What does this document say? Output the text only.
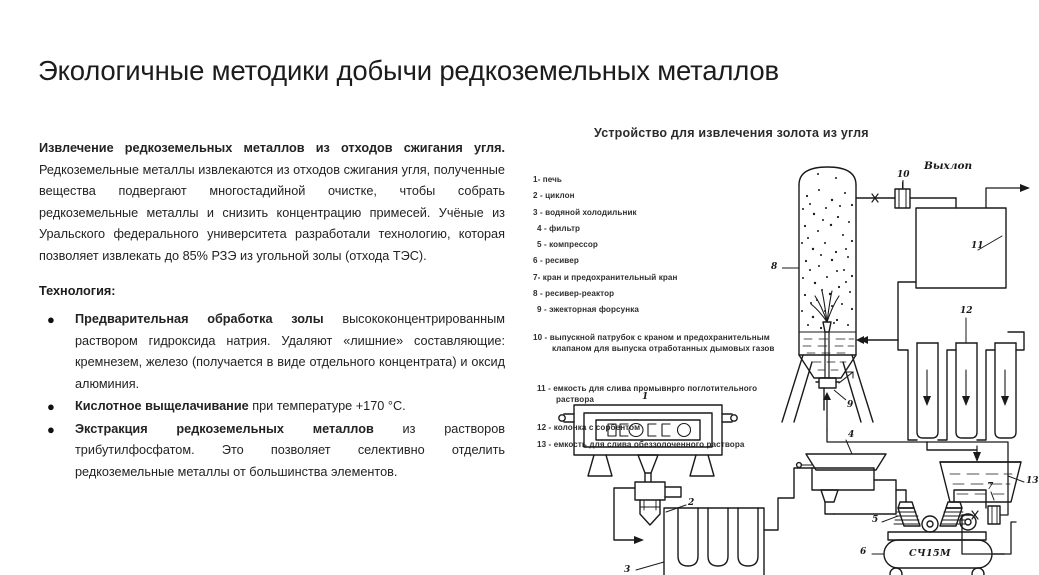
Экологичные методики добычи редкоземельных металлов

Извлечение редкоземельных металлов из отходов сжигания угля. Редкоземельные металлы извлекаются из отходов сжигания угля, полученные вещества подвергают многостадийной очистке, чтобы собрать редкоземельные металлы и снизить концентрацию примесей. Учёные из Уральского федерального университета разработали технологию, которая позволяет извлекать до 85% РЗЭ из угольной золы (отхода ТЭС).

Технология:
● Предварительная обработка золы высококонцентрированным раствором гидроксида натрия. Удаляют «лишние» составляющие: кремнезем, железо (получается в виде отдельного концентрата) и оксид алюминия.
● Кислотное выщелачивание при температуре +170 °C.
● Экстракция редкоземельных металлов из растворов трибутилфосфатом. Это позволяет селективно отделить редкоземельные металлы от большинства элементов.
Устройство для извлечения золота из угля
1- печь
2 - циклон
3 - водяной холодильник
4 - фильтр
5 - компрессор
6 - ресивер
7- кран и предохранительный кран
8 - ресивер-реактор
9 - эжекторная форсунка

10 - выпускной патрубок с краном и предохранительным

клапаном для выпуска отработанных дымовых газов

11 - емкость для слива промывнрго поглотительного

раствора

12 - колонка с сорбентом
13 - емкость для слива обеззолоченного раствора
Выхлоп
СЧ15М
1
2
3
4
5
6
7
8
9
10
11
12
13
